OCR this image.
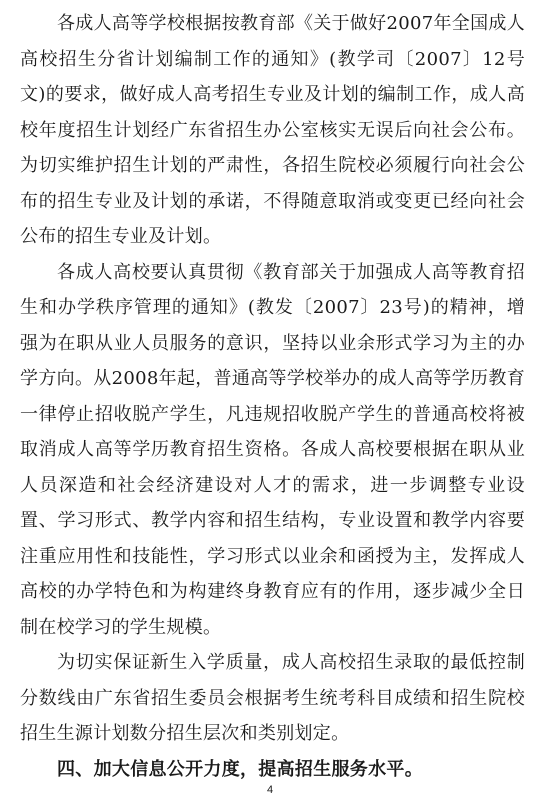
各成人高等学校根据按教育部《关于做好2007年全国成人高校招生分省计划编制工作的通知》(教学司〔2007〕12号文)的要求，做好成人高考招生专业及计划的编制工作，成人高校年度招生计划经广东省招生办公室核实无误后向社会公布。为切实维护招生计划的严肃性，各招生院校必须履行向社会公布的招生专业及计划的承诺，不得随意取消或变更已经向社会公布的招生专业及计划。

各成人高校要认真贯彻《教育部关于加强成人高等教育招生和办学秩序管理的通知》(教发〔2007〕23号)的精神，增强为在职从业人员服务的意识，坚持以业余形式学习为主的办学方向。从2008年起，普通高等学校举办的成人高等学历教育一律停止招收脱产学生，凡违规招收脱产学生的普通高校将被取消成人高等学历教育招生资格。各成人高校要根据在职从业人员深造和社会经济建设对人才的需求，进一步调整专业设置、学习形式、教学内容和招生结构，专业设置和教学内容要注重应用性和技能性，学习形式以业余和函授为主，发挥成人高校的办学特色和为构建终身教育应有的作用，逐步减少全日制在校学习的学生规模。

为切实保证新生入学质量，成人高校招生录取的最低控制分数线由广东省招生委员会根据考生统考科目成绩和招生院校招生生源计划数分招生层次和类别划定。

四、加大信息公开力度，提高招生服务水平。

4
